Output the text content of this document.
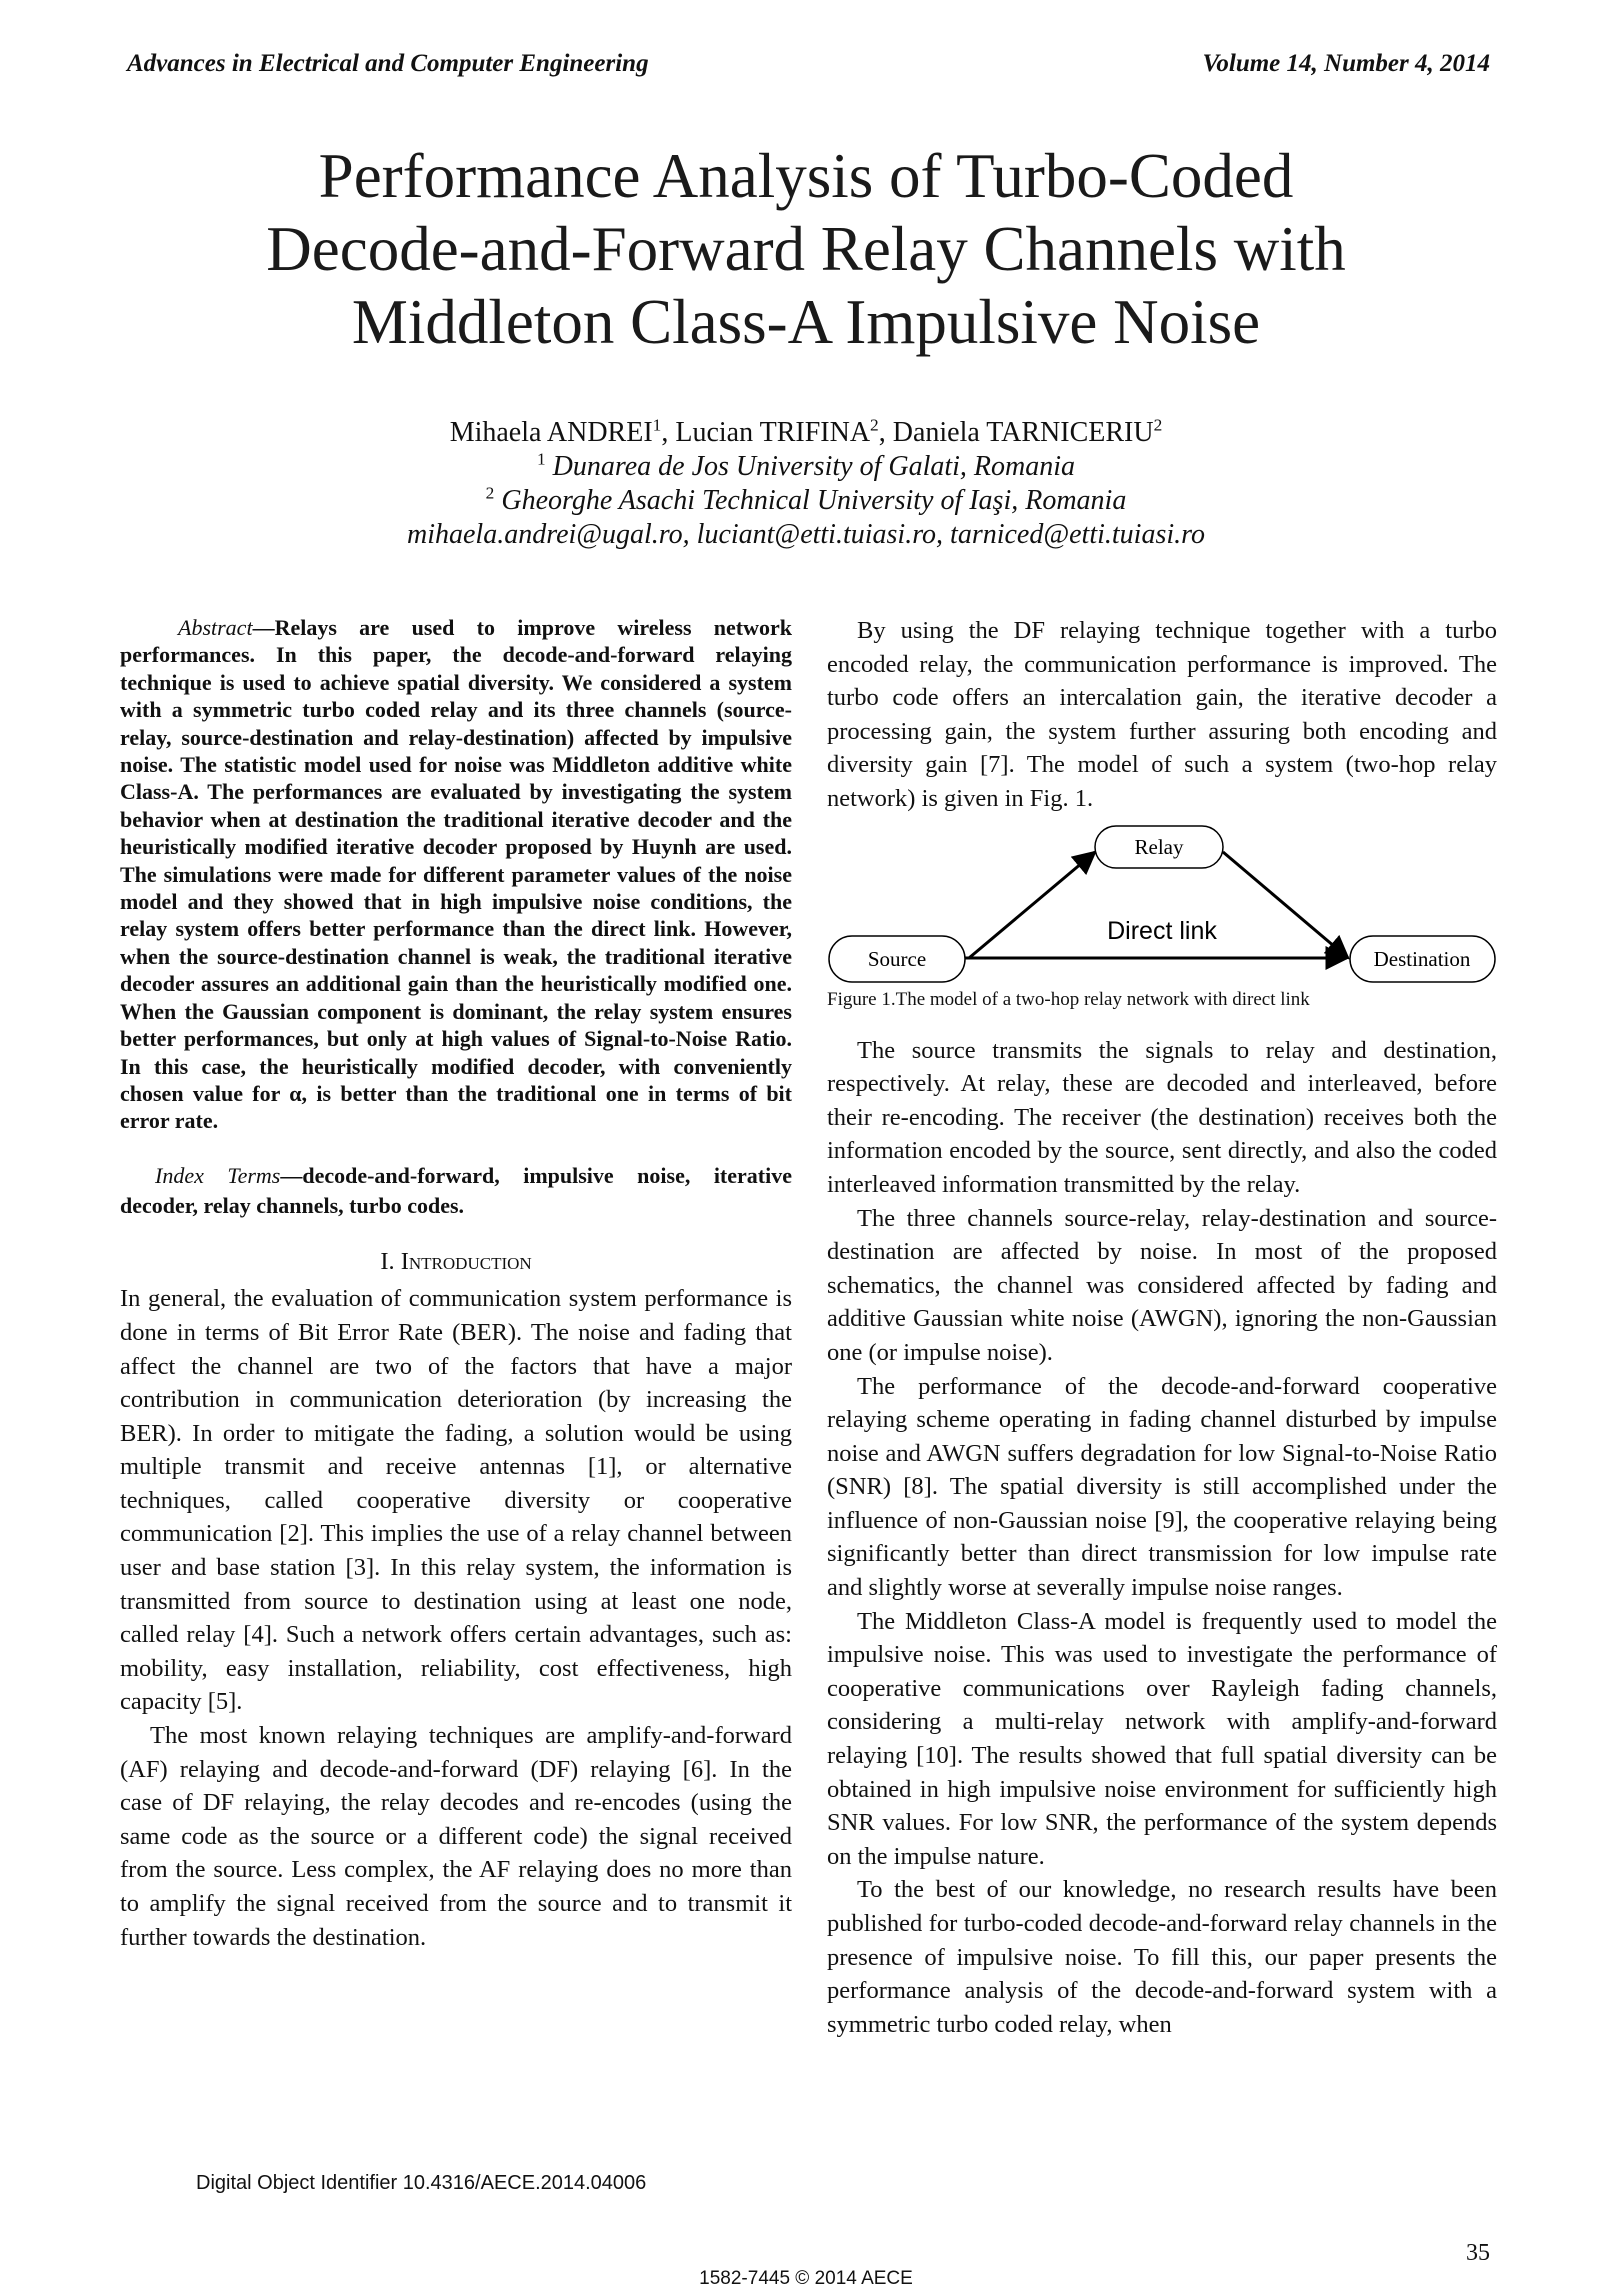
Advances in Electrical and Computer Engineering	Volume 14, Number 4, 2014
Performance Analysis of Turbo-Coded
Decode-and-Forward Relay Channels with
Middleton Class-A Impulsive Noise
Mihaela ANDREI$^1$, Lucian TRIFINA$^2$, Daniela TARNICERIU$^2$
$^1$ Dunarea de Jos University of Galati, Romania
$^2$ Gheorghe Asachi Technical University of Iaşi, Romania
mihaela.andrei@ugal.ro, luciant@etti.tuiasi.ro, tarniced@etti.tuiasi.ro
Abstract—Relays are used to improve wireless network performances. In this paper, the decode-and-forward relaying technique is used to achieve spatial diversity. We considered a system with a symmetric turbo coded relay and its three channels (source-relay, source-destination and relay-destination) affected by impulsive noise. The statistic model used for noise was Middleton additive white Class-A. The performances are evaluated by investigating the system behavior when at destination the traditional iterative decoder and the heuristically modified iterative decoder proposed by Huynh are used. The simulations were made for different parameter values of the noise model and they showed that in high impulsive noise conditions, the relay system offers better performance than the direct link. However, when the source-destination channel is weak, the traditional iterative decoder assures an additional gain than the heuristically modified one. When the Gaussian component is dominant, the relay system ensures better performances, but only at high values of Signal-to-Noise Ratio. In this case, the heuristically modified decoder, with conveniently chosen value for α, is better than the traditional one in terms of bit error rate.
Index Terms—decode-and-forward, impulsive noise, iterative decoder, relay channels, turbo codes.
I. Introduction

In general, the evaluation of communication system performance is done in terms of Bit Error Rate (BER). The noise and fading that affect the channel are two of the factors that have a major contribution in communication deterioration (by increasing the BER). In order to mitigate the fading, a solution would be using multiple transmit and receive antennas [1], or alternative techniques, called cooperative diversity or cooperative communication [2]. This implies the use of a relay channel between user and base station [3]. In this relay system, the information is transmitted from source to destination using at least one node, called relay [4]. Such a network offers certain advantages, such as: mobility, easy installation, reliability, cost effectiveness, high capacity [5].

The most known relaying techniques are amplify-and-forward (AF) relaying and decode-and-forward (DF) relaying [6]. In the case of DF relaying, the relay decodes and re-encodes (using the same code as the source or a different code) the signal received from the source. Less complex, the AF relaying does no more than to amplify the signal received from the source and to transmit it further towards the destination.

By using the DF relaying technique together with a turbo encoded relay, the communication performance is improved. The turbo code offers an intercalation gain, the iterative decoder a processing gain, the system further assuring both encoding and diversity gain [7]. The model of such a system (two-hop relay network) is given in Fig. 1.

Relay
Source	Destination
Direct link
Figure 1.The model of a two-hop relay network with direct link

The source transmits the signals to relay and destination, respectively. At relay, these are decoded and interleaved, before their re-encoding. The receiver (the destination) receives both the information encoded by the source, sent directly, and also the coded interleaved information transmitted by the relay.

The three channels source-relay, relay-destination and source-destination are affected by noise. In most of the proposed schematics, the channel was considered affected by fading and additive Gaussian white noise (AWGN), ignoring the non-Gaussian one (or impulse noise).

The performance of the decode-and-forward cooperative relaying scheme operating in fading channel disturbed by impulse noise and AWGN suffers degradation for low Signal-to-Noise Ratio (SNR) [8]. The spatial diversity is still accomplished under the influence of non-Gaussian noise [9], the cooperative relaying being significantly better than direct transmission for low impulse rate and slightly worse at severally impulse noise ranges.

The Middleton Class-A model is frequently used to model the impulsive noise. This was used to investigate the performance of cooperative communications over Rayleigh fading channels, considering a multi-relay network with amplify-and-forward relaying [10]. The results showed that full spatial diversity can be obtained in high impulsive noise environment for sufficiently high SNR values. For low SNR, the performance of the system depends on the impulse nature.

To the best of our knowledge, no research results have been published for turbo-coded decode-and-forward relay channels in the presence of impulsive noise. To fill this, our paper presents the performance analysis of the decode-and-forward system with a symmetric turbo coded relay, when

Digital Object Identifier 10.4316/AECE.2014.04006
35
1582-7445 © 2014 AECE
